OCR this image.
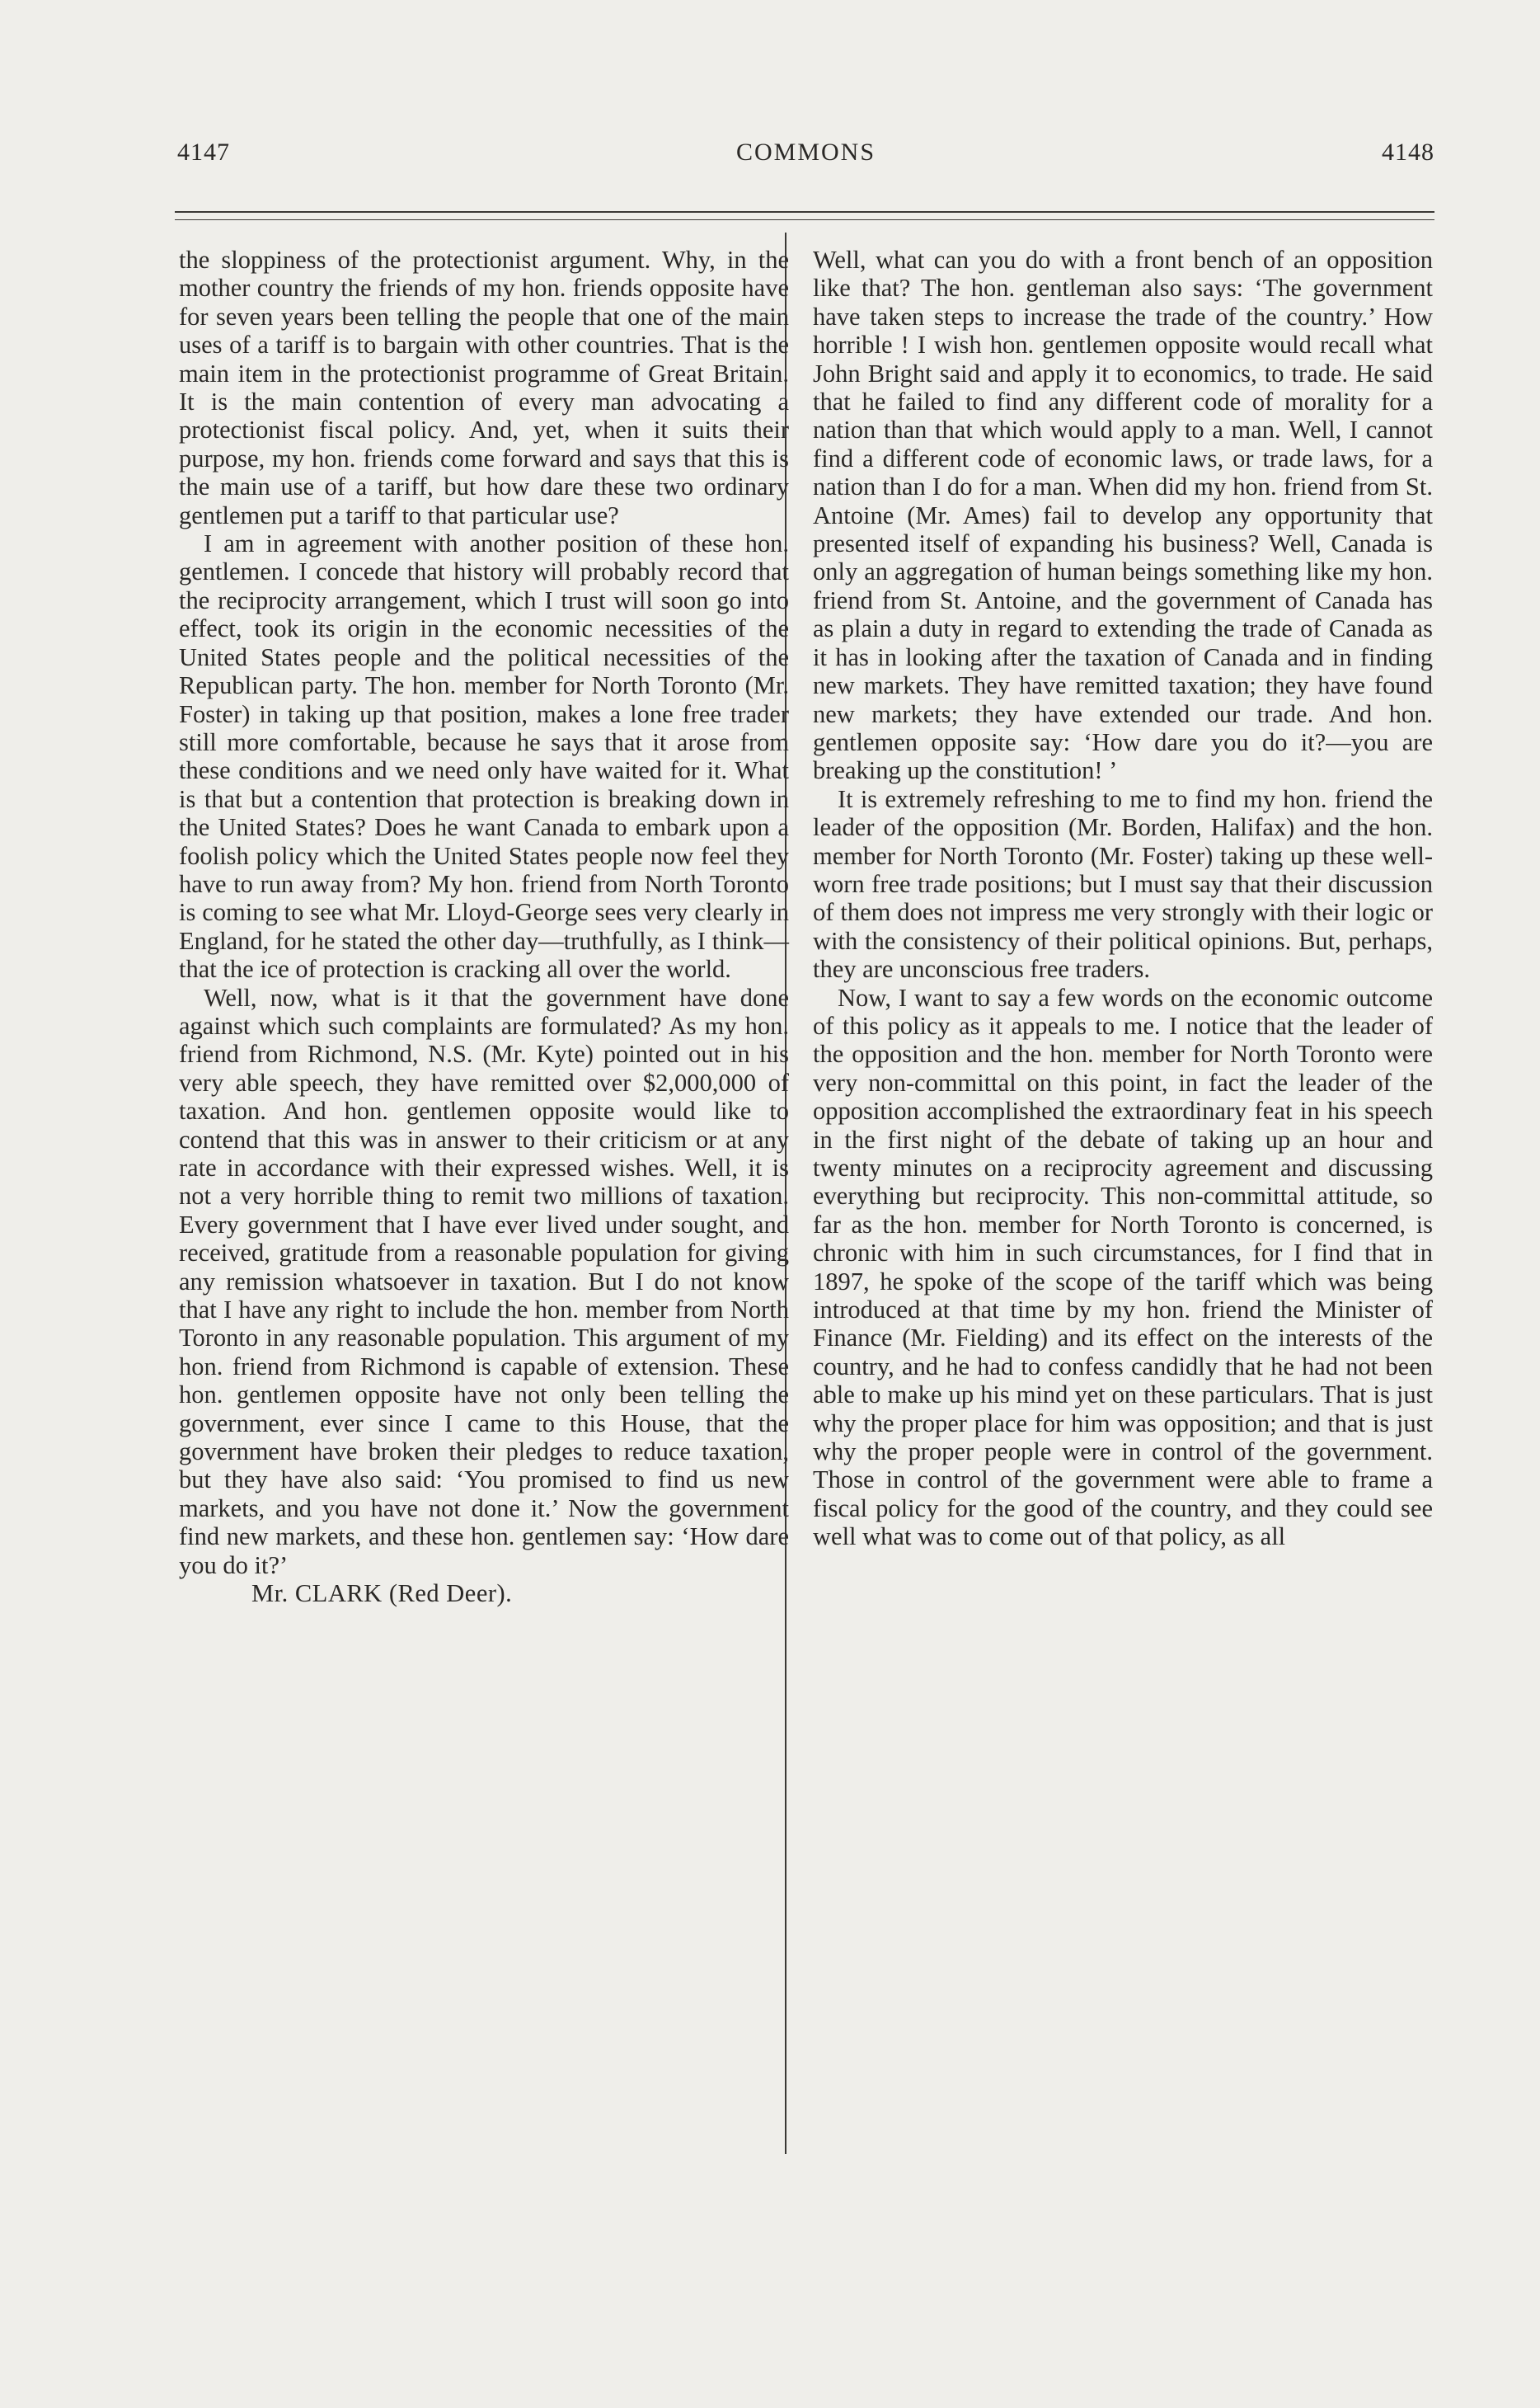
4147	COMMONS	4148

the sloppiness of the protectionist argument. Why, in the mother country the friends of my hon. friends opposite have for seven years been telling the people that one of the main uses of a tariff is to bargain with other countries. That is the main item in the protectionist programme of Great Britain. It is the main contention of every man advocating a protectionist fiscal policy. And, yet, when it suits their purpose, my hon. friends come forward and says that this is the main use of a tariff, but how dare these two ordinary gentlemen put a tariff to that particular use?

I am in agreement with another position of these hon. gentlemen. I concede that history will probably record that the reciprocity arrangement, which I trust will soon go into effect, took its origin in the economic necessities of the United States people and the political necessities of the Republican party. The hon. member for North Toronto (Mr. Foster) in taking up that position, makes a lone free trader still more comfortable, because he says that it arose from these conditions and we need only have waited for it. What is that but a contention that protection is breaking down in the United States? Does he want Canada to embark upon a foolish policy which the United States people now feel they have to run away from? My hon. friend from North Toronto is coming to see what Mr. Lloyd-George sees very clearly in England, for he stated the other day—truthfully, as I think—that the ice of protection is cracking all over the world.

Well, now, what is it that the government have done against which such complaints are formulated? As my hon. friend from Richmond, N.S. (Mr. Kyte) pointed out in his very able speech, they have remitted over $2,000,000 of taxation. And hon. gentlemen opposite would like to contend that this was in answer to their criticism or at any rate in accordance with their expressed wishes. Well, it is not a very horrible thing to remit two millions of taxation. Every government that I have ever lived under sought, and received, gratitude from a reasonable population for giving any remission whatsoever in taxation. But I do not know that I have any right to include the hon. member from North Toronto in any reasonable population. This argument of my hon. friend from Richmond is capable of extension. These hon. gentlemen opposite have not only been telling the government, ever since I came to this House, that the government have broken their pledges to reduce taxation, but they have also said: ‘You promised to find us new markets, and you have not done it.’ Now the government find new markets, and these hon. gentlemen say: ‘How dare you do it?’

Mr. CLARK (Red Deer).

Well, what can you do with a front bench of an opposition like that? The hon. gentleman also says: ‘The government have taken steps to increase the trade of the country.’ How horrible ! I wish hon. gentlemen opposite would recall what John Bright said and apply it to economics, to trade. He said that he failed to find any different code of morality for a nation than that which would apply to a man. Well, I cannot find a different code of economic laws, or trade laws, for a nation than I do for a man. When did my hon. friend from St. Antoine (Mr. Ames) fail to develop any opportunity that presented itself of expanding his business? Well, Canada is only an aggregation of human beings something like my hon. friend from St. Antoine, and the government of Canada has as plain a duty in regard to extending the trade of Canada as it has in looking after the taxation of Canada and in finding new markets. They have remitted taxation; they have found new markets; they have extended our trade. And hon. gentlemen opposite say: ‘How dare you do it?—you are breaking up the constitution! ’

It is extremely refreshing to me to find my hon. friend the leader of the opposition (Mr. Borden, Halifax) and the hon. member for North Toronto (Mr. Foster) taking up these well-worn free trade positions; but I must say that their discussion of them does not impress me very strongly with their logic or with the consistency of their political opinions. But, perhaps, they are unconscious free traders.

Now, I want to say a few words on the economic outcome of this policy as it appeals to me. I notice that the leader of the opposition and the hon. member for North Toronto were very non-committal on this point, in fact the leader of the opposition accomplished the extraordinary feat in his speech in the first night of the debate of taking up an hour and twenty minutes on a reciprocity agreement and discussing everything but reciprocity. This non-committal attitude, so far as the hon. member for North Toronto is concerned, is chronic with him in such circumstances, for I find that in 1897, he spoke of the scope of the tariff which was being introduced at that time by my hon. friend the Minister of Finance (Mr. Fielding) and its effect on the interests of the country, and he had to confess candidly that he had not been able to make up his mind yet on these particulars. That is just why the proper place for him was opposition; and that is just why the proper people were in control of the government. Those in control of the government were able to frame a fiscal policy for the good of the country, and they could see well what was to come out of that policy, as all
